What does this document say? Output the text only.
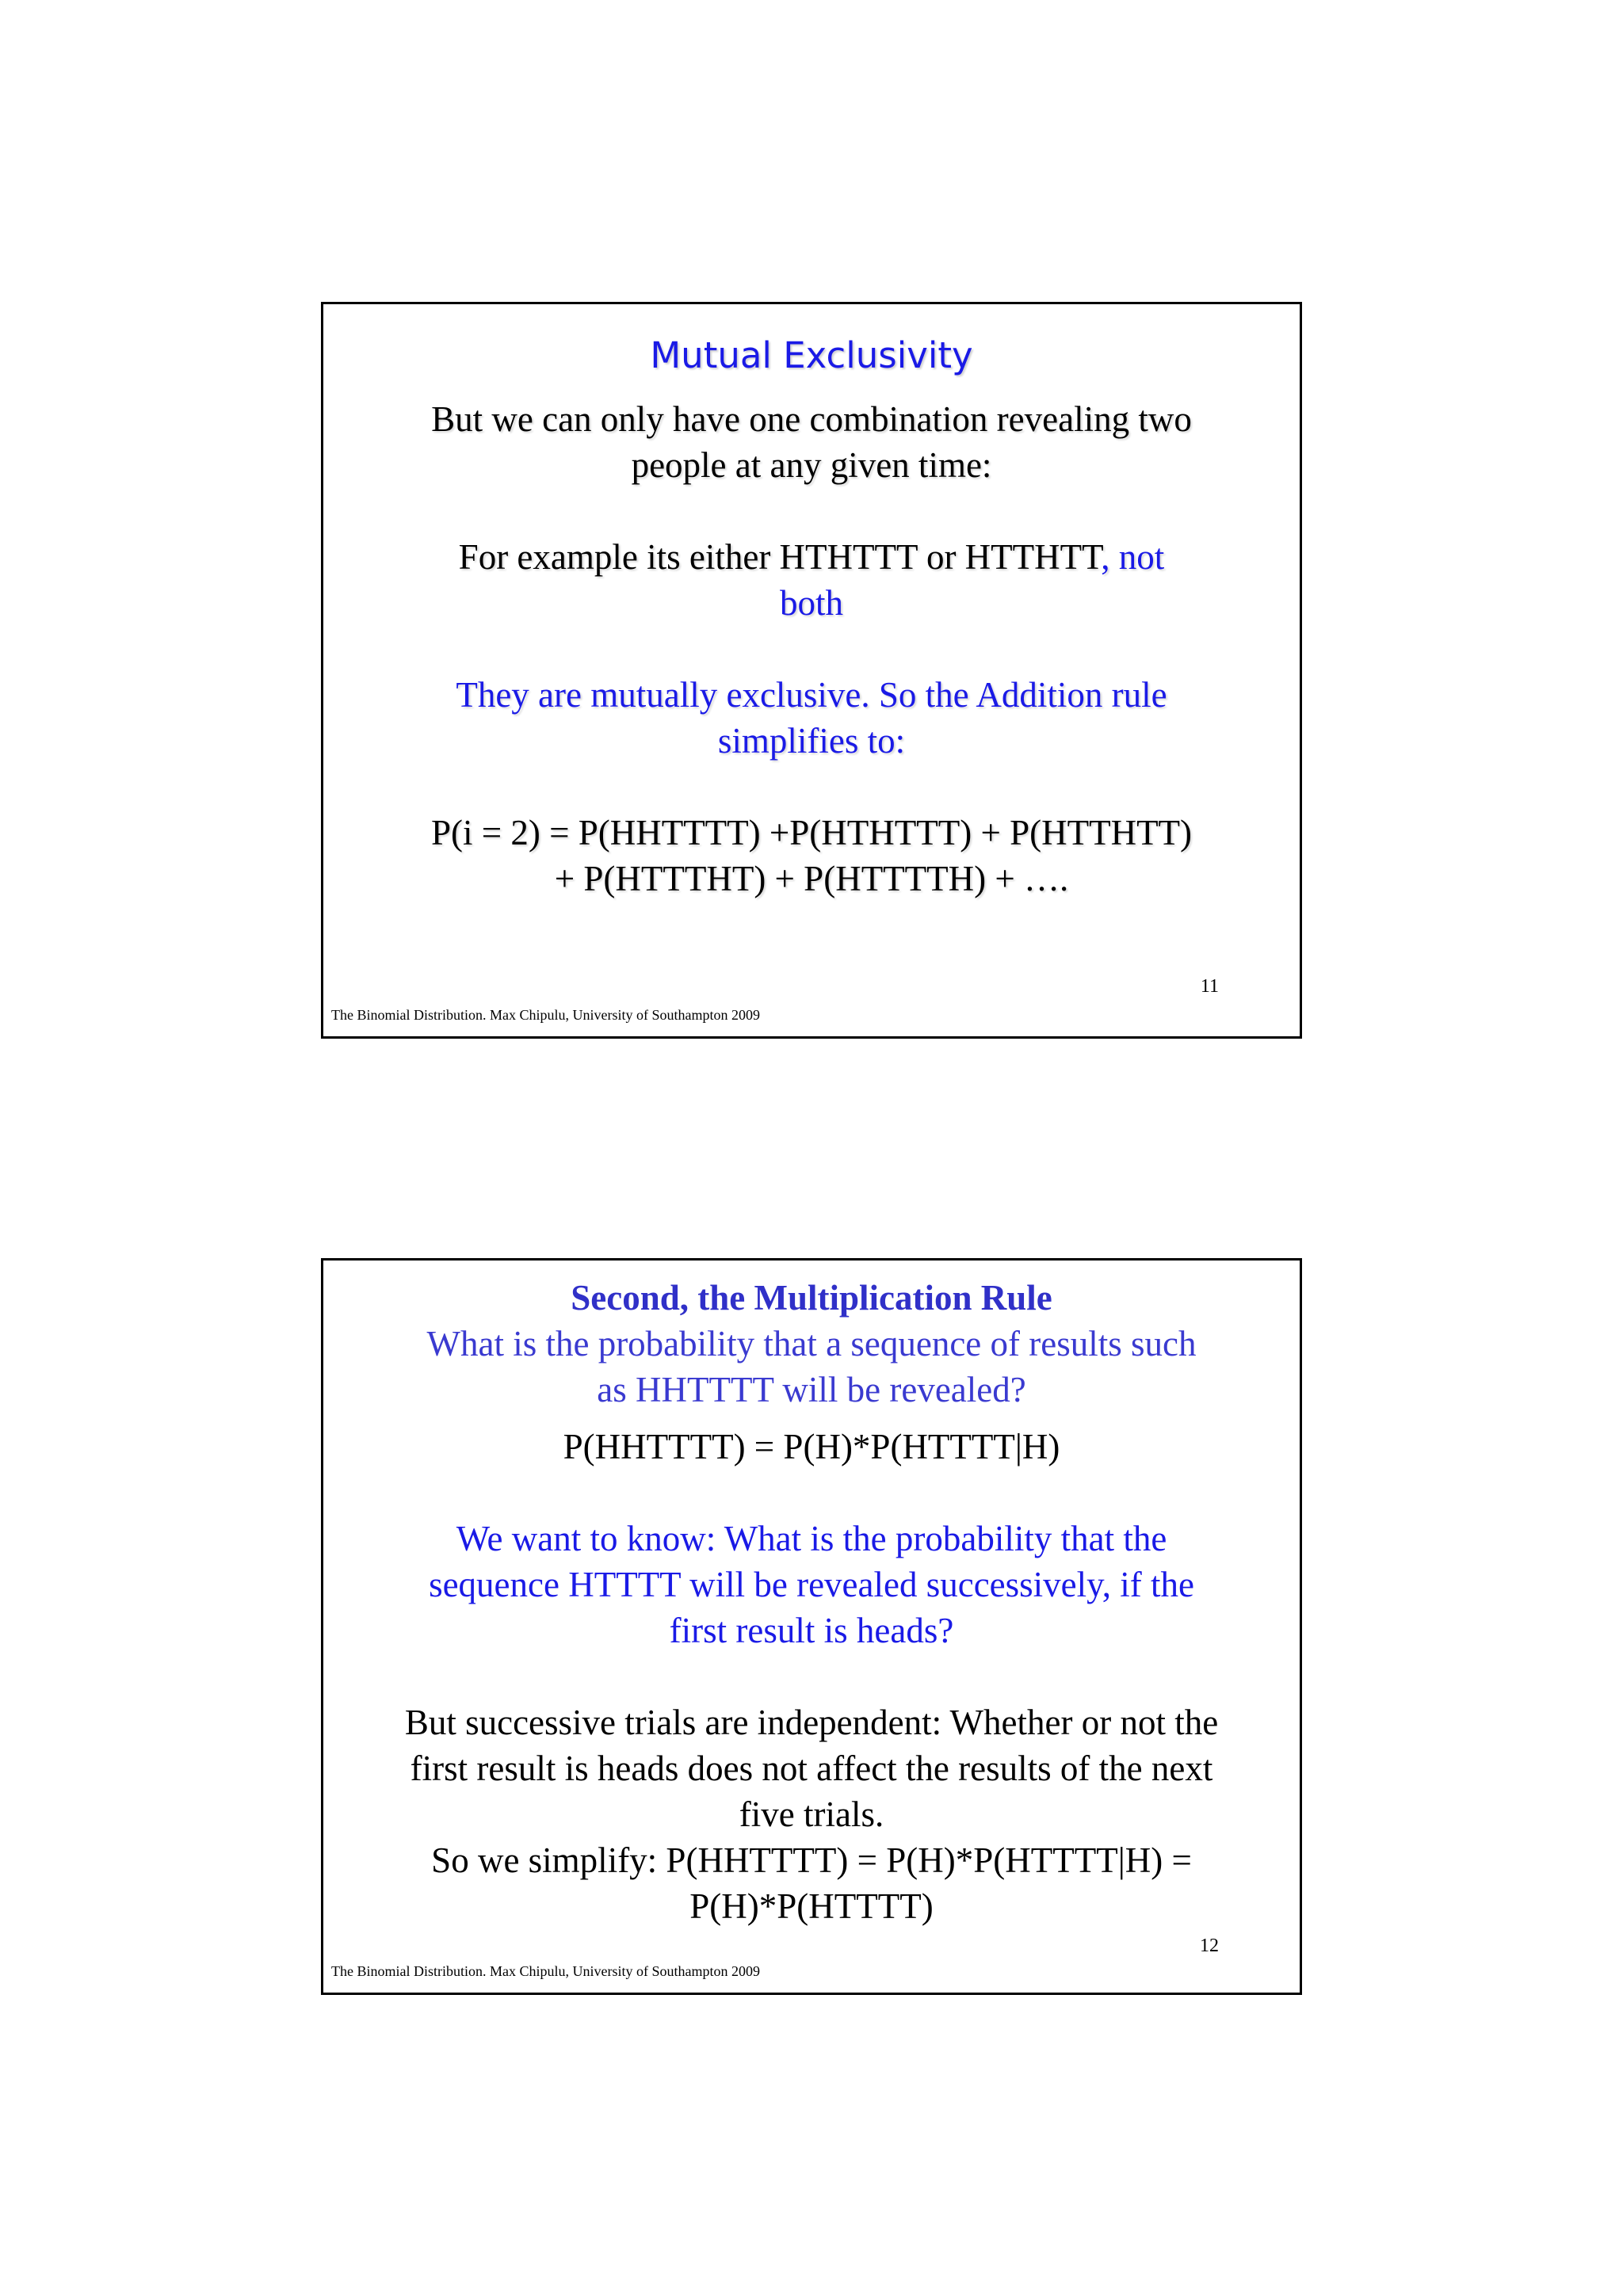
Mutual Exclusivity
But we can only have one combination revealing two
people at any given time:
For example its either HTHTTT or HTTHTT, not
both
They are mutually exclusive. So the Addition rule
simplifies to:
P(i = 2) = P(HHTTTT) +P(HTHTTT) + P(HTTHTT)
+ P(HTTTHT) + P(HTTTTH) + ….
11
The Binomial Distribution. Max Chipulu, University of Southampton 2009
Second, the Multiplication Rule
What is the probability that a sequence of results such
as HHTTTT will be revealed?
P(HHTTTT) = P(H)*P(HTTTT|H)
We want to know: What is the probability that the
sequence HTTTT will be revealed successively, if the
first result is heads?
But successive trials are independent: Whether or not the
first result is heads does not affect the results of the next
five trials.
So we simplify: P(HHTTTT) = P(H)*P(HTTTT|H) =
P(H)*P(HTTTT)
12
The Binomial Distribution. Max Chipulu, University of Southampton 2009
